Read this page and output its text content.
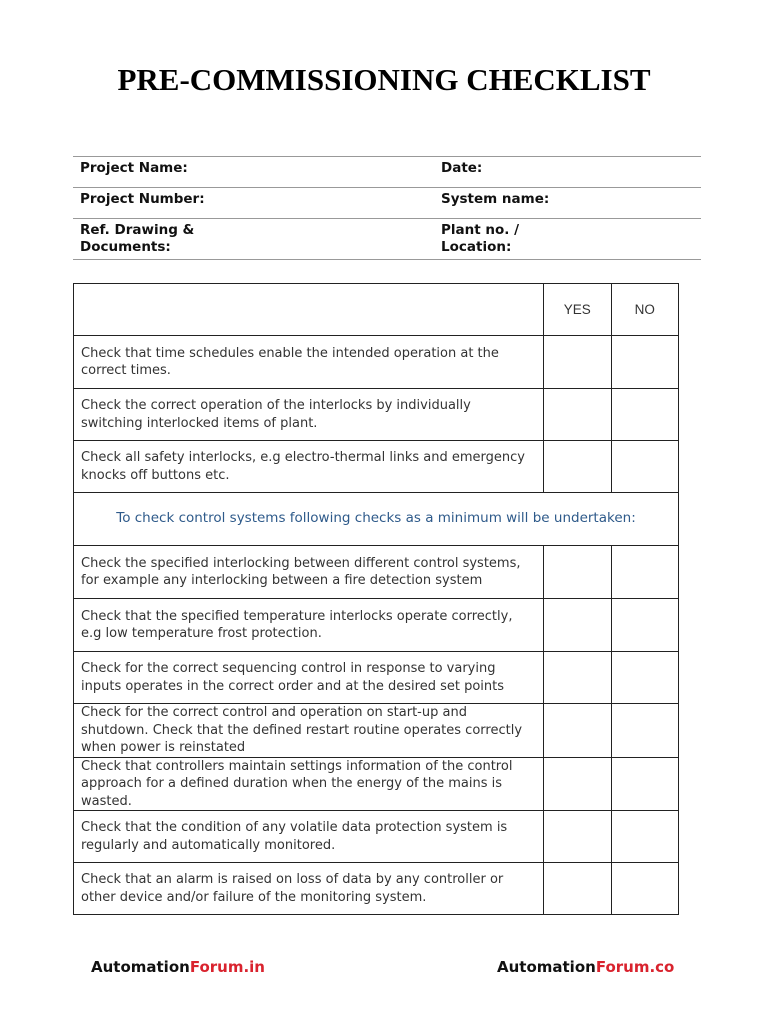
PRE-COMMISSIONING CHECKLIST
Project Name:	Date:
Project Number:	System name:
Ref. Drawing & Documents:	Plant no. / Location:
	YES	NO
Check that time schedules enable the intended operation at the correct times.		
Check the correct operation of the interlocks by individually switching interlocked items of plant.		
Check all safety interlocks, e.g electro-thermal links and emergency knocks off buttons etc.		
To check control systems following checks as a minimum will be undertaken:		
Check the specified interlocking between different control systems, for example any interlocking between a fire detection system		
Check that the specified temperature interlocks operate correctly, e.g low temperature frost protection.		
Check for the correct sequencing control in response to varying inputs operates in the correct order and at the desired set points		
Check for the correct control and operation on start-up and shutdown. Check that the defined restart routine operates correctly when power is reinstated		
Check that controllers maintain settings information of the control approach for a defined duration when the energy of the mains is wasted.		
Check that the condition of any volatile data protection system is regularly and automatically monitored.		
Check that an alarm is raised on loss of data by any controller or other device and/or failure of the monitoring system.		
AutomationForum.in	AutomationForum.co
